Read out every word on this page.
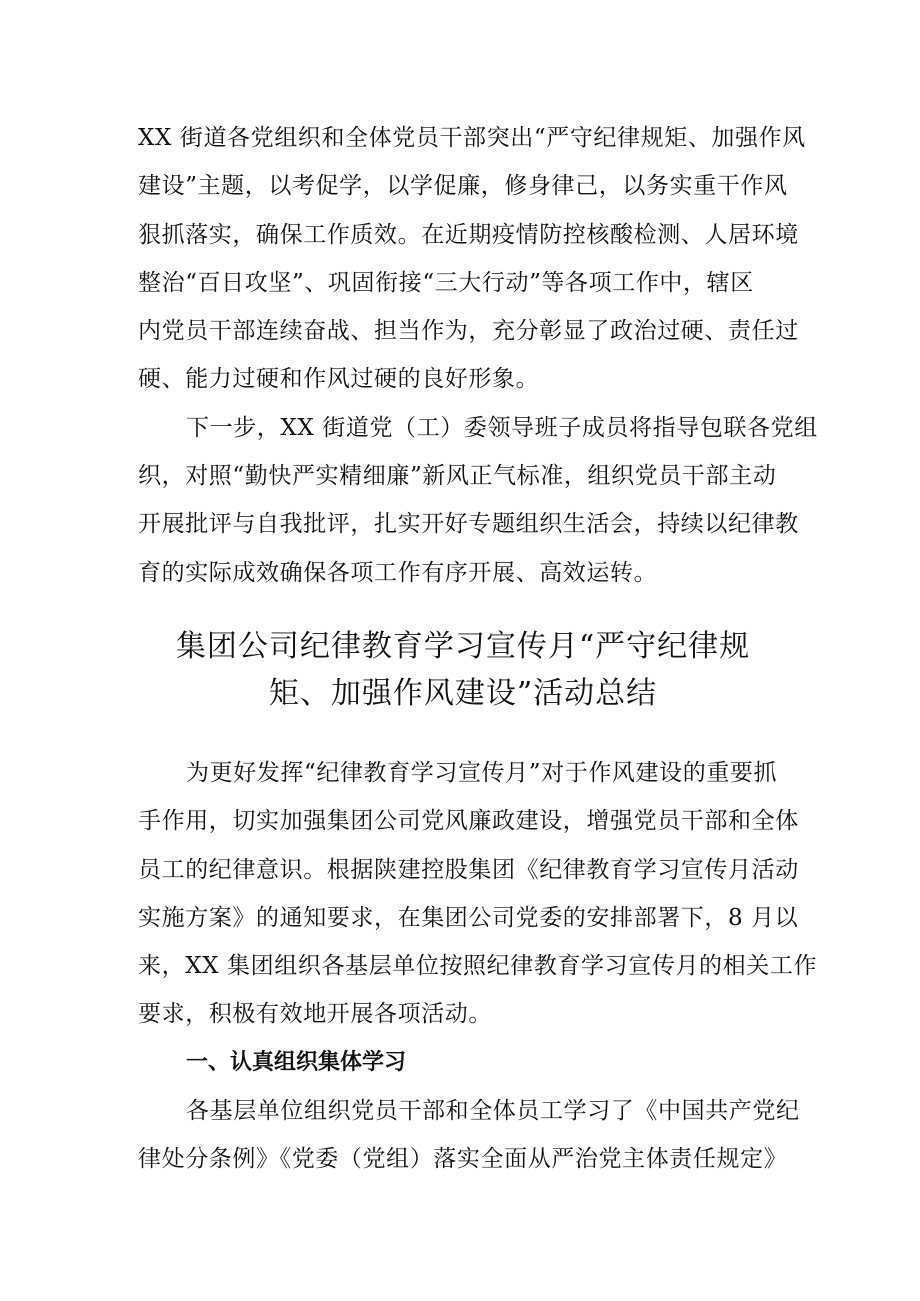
XX 街道各党组织和全体党员干部突出“严守纪律规矩、加强作风
建设”主题，以考促学，以学促廉，修身律己，以务实重干作风
狠抓落实，确保工作质效。在近期疫情防控核酸检测、人居环境
整治“百日攻坚”、巩固衔接“三大行动”等各项工作中，辖区
内党员干部连续奋战、担当作为，充分彰显了政治过硬、责任过
硬、能力过硬和作风过硬的良好形象。
下一步，XX 街道党（工）委领导班子成员将指导包联各党组
织，对照“勤快严实精细廉”新风正气标准，组织党员干部主动
开展批评与自我批评，扎实开好专题组织生活会，持续以纪律教
育的实际成效确保各项工作有序开展、高效运转。
集团公司纪律教育学习宣传月“严守纪律规
矩、加强作风建设”活动总结
为更好发挥“纪律教育学习宣传月”对于作风建设的重要抓
手作用，切实加强集团公司党风廉政建设，增强党员干部和全体
员工的纪律意识。根据陕建控股集团《纪律教育学习宣传月活动
实施方案》的通知要求，在集团公司党委的安排部署下，8 月以
来，XX 集团组织各基层单位按照纪律教育学习宣传月的相关工作
要求，积极有效地开展各项活动。
一、认真组织集体学习
各基层单位组织党员干部和全体员工学习了《中国共产党纪
律处分条例》《党委（党组）落实全面从严治党主体责任规定》
